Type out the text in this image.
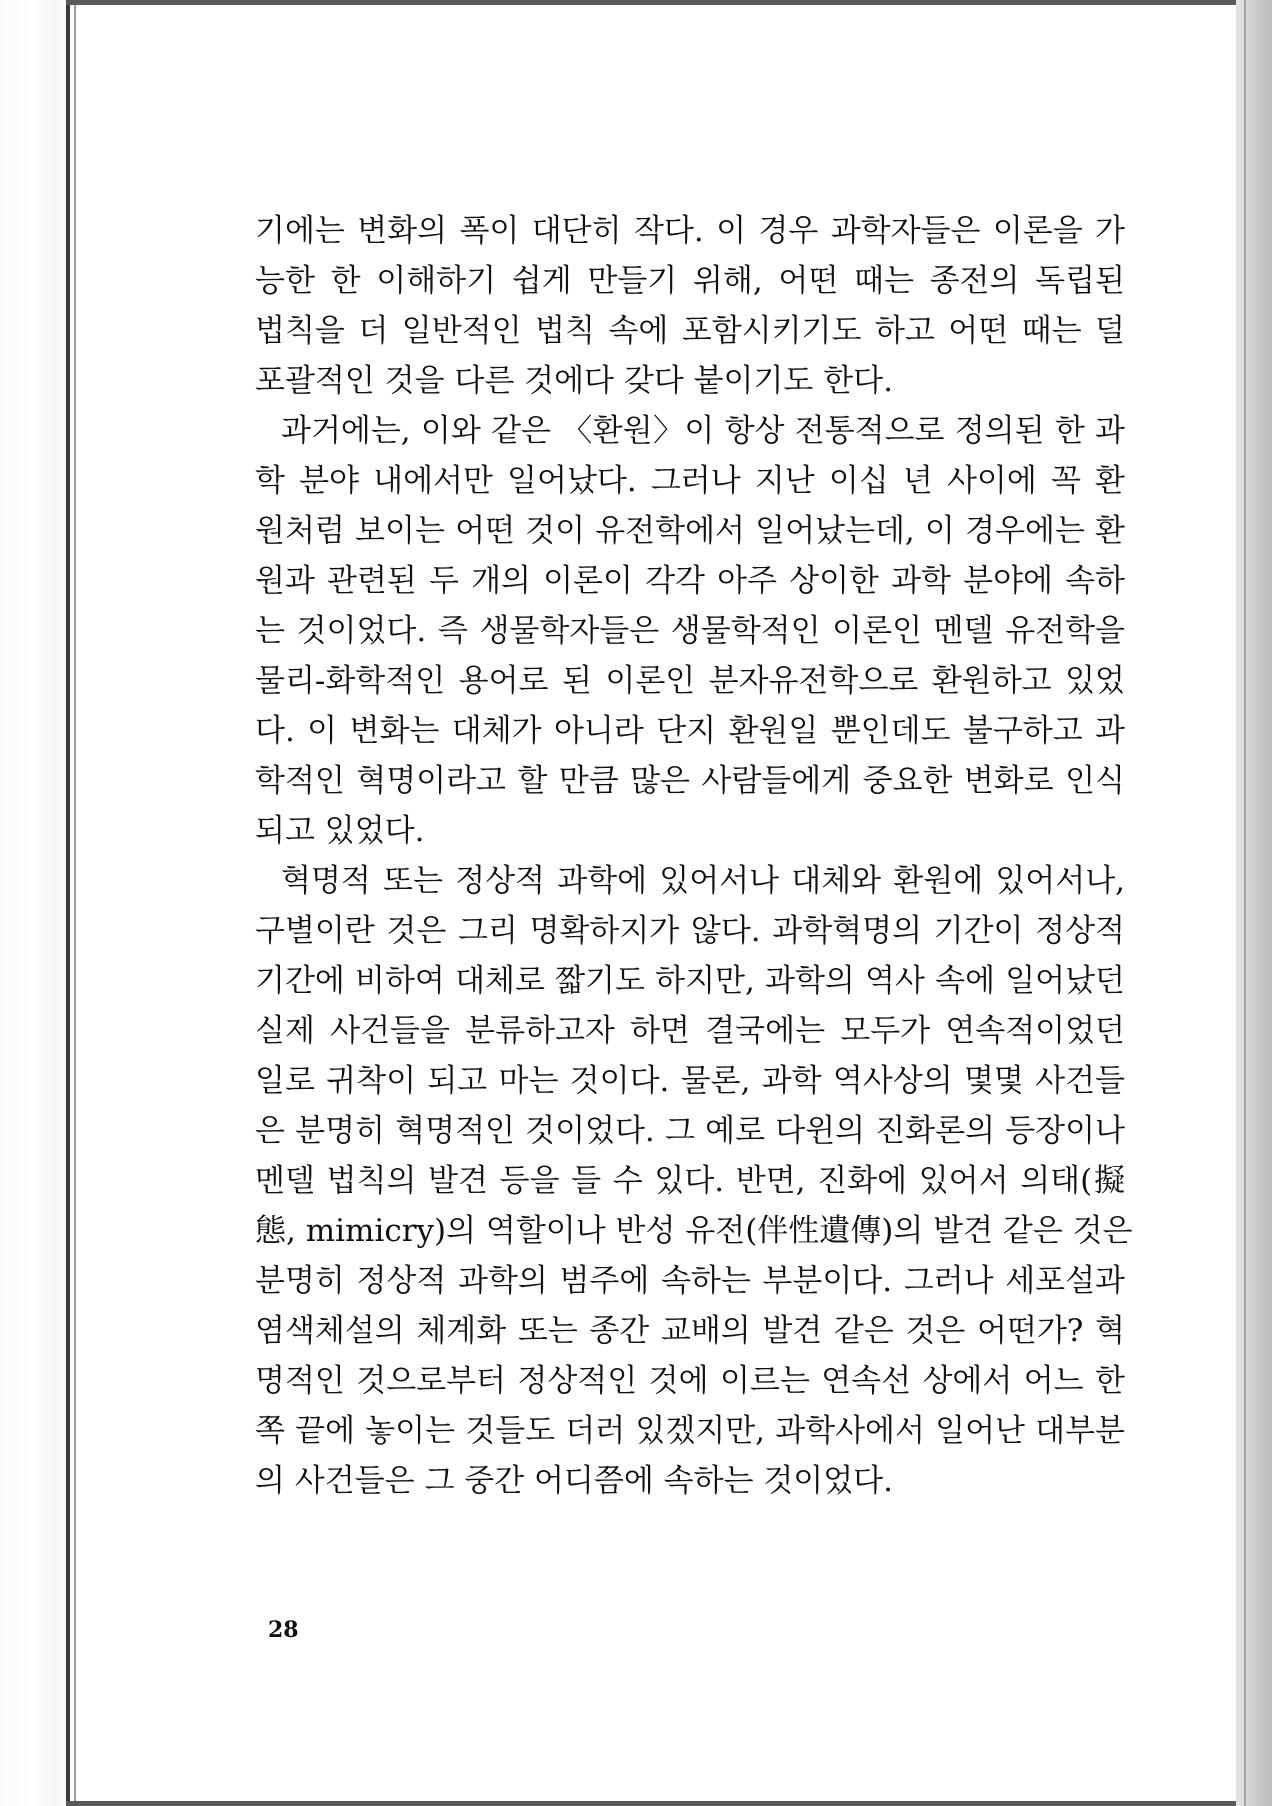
기에는 변화의 폭이 대단히 작다. 이 경우 과학자들은 이론을 가
능한 한 이해하기 쉽게 만들기 위해, 어떤 때는 종전의 독립된
법칙을 더 일반적인 법칙 속에 포함시키기도 하고 어떤 때는 덜
포괄적인 것을 다른 것에다 갖다 붙이기도 한다.
과거에는, 이와 같은 〈환원〉이 항상 전통적으로 정의된 한 과
학 분야 내에서만 일어났다. 그러나 지난 이십 년 사이에 꼭 환
원처럼 보이는 어떤 것이 유전학에서 일어났는데, 이 경우에는 환
원과 관련된 두 개의 이론이 각각 아주 상이한 과학 분야에 속하
는 것이었다. 즉 생물학자들은 생물학적인 이론인 멘델 유전학을
물리-화학적인 용어로 된 이론인 분자유전학으로 환원하고 있었
다. 이 변화는 대체가 아니라 단지 환원일 뿐인데도 불구하고 과
학적인 혁명이라고 할 만큼 많은 사람들에게 중요한 변화로 인식
되고 있었다.
혁명적 또는 정상적 과학에 있어서나 대체와 환원에 있어서나,
구별이란 것은 그리 명확하지가 않다. 과학혁명의 기간이 정상적
기간에 비하여 대체로 짧기도 하지만, 과학의 역사 속에 일어났던
실제 사건들을 분류하고자 하면 결국에는 모두가 연속적이었던
일로 귀착이 되고 마는 것이다. 물론, 과학 역사상의 몇몇 사건들
은 분명히 혁명적인 것이었다. 그 예로 다윈의 진화론의 등장이나
멘델 법칙의 발견 등을 들 수 있다. 반면, 진화에 있어서 의태(擬
態, mimicry)의 역할이나 반성 유전(伴性遺傳)의 발견 같은 것은
분명히 정상적 과학의 범주에 속하는 부분이다. 그러나 세포설과
염색체설의 체계화 또는 종간 교배의 발견 같은 것은 어떤가? 혁
명적인 것으로부터 정상적인 것에 이르는 연속선 상에서 어느 한
쪽 끝에 놓이는 것들도 더러 있겠지만, 과학사에서 일어난 대부분
의 사건들은 그 중간 어디쯤에 속하는 것이었다.
28
